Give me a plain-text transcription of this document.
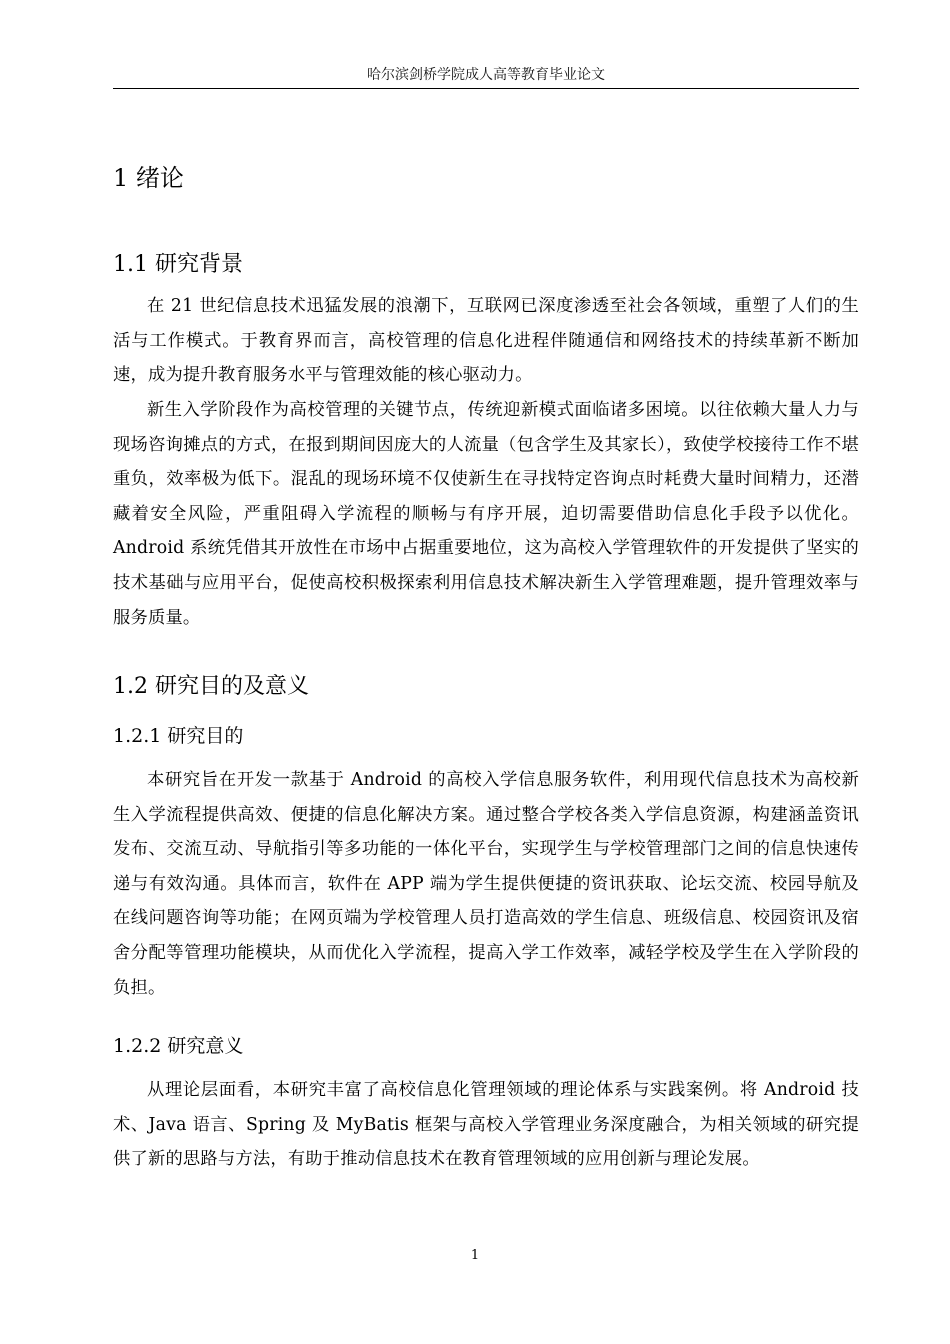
哈尔滨剑桥学院成人高等教育毕业论文
1 绪论
1.1 研究背景

在 21 世纪信息技术迅猛发展的浪潮下，互联网已深度渗透至社会各领域，重塑了人们的生活与工作模式。于教育界而言，高校管理的信息化进程伴随通信和网络技术的持续革新不断加速，成为提升教育服务水平与管理效能的核心驱动力。

新生入学阶段作为高校管理的关键节点，传统迎新模式面临诸多困境。以往依赖大量人力与现场咨询摊点的方式，在报到期间因庞大的人流量（包含学生及其家长），致使学校接待工作不堪重负，效率极为低下。混乱的现场环境不仅使新生在寻找特定咨询点时耗费大量时间精力，还潜藏着安全风险，严重阻碍入学流程的顺畅与有序开展，迫切需要借助信息化手段予以优化。Android 系统凭借其开放性在市场中占据重要地位，这为高校入学管理软件的开发提供了坚实的技术基础与应用平台，促使高校积极探索利用信息技术解决新生入学管理难题，提升管理效率与服务质量。

1.2 研究目的及意义
1.2.1 研究目的

本研究旨在开发一款基于 Android 的高校入学信息服务软件，利用现代信息技术为高校新生入学流程提供高效、便捷的信息化解决方案。通过整合学校各类入学信息资源，构建涵盖资讯发布、交流互动、导航指引等多功能的一体化平台，实现学生与学校管理部门之间的信息快速传递与有效沟通。具体而言，软件在 APP 端为学生提供便捷的资讯获取、论坛交流、校园导航及在线问题咨询等功能；在网页端为学校管理人员打造高效的学生信息、班级信息、校园资讯及宿舍分配等管理功能模块，从而优化入学流程，提高入学工作效率，减轻学校及学生在入学阶段的负担。

1.2.2 研究意义

从理论层面看，本研究丰富了高校信息化管理领域的理论体系与实践案例。将 Android 技术、Java 语言、Spring 及 MyBatis 框架与高校入学管理业务深度融合，为相关领域的研究提供了新的思路与方法，有助于推动信息技术在教育管理领域的应用创新与理论发展。

1
